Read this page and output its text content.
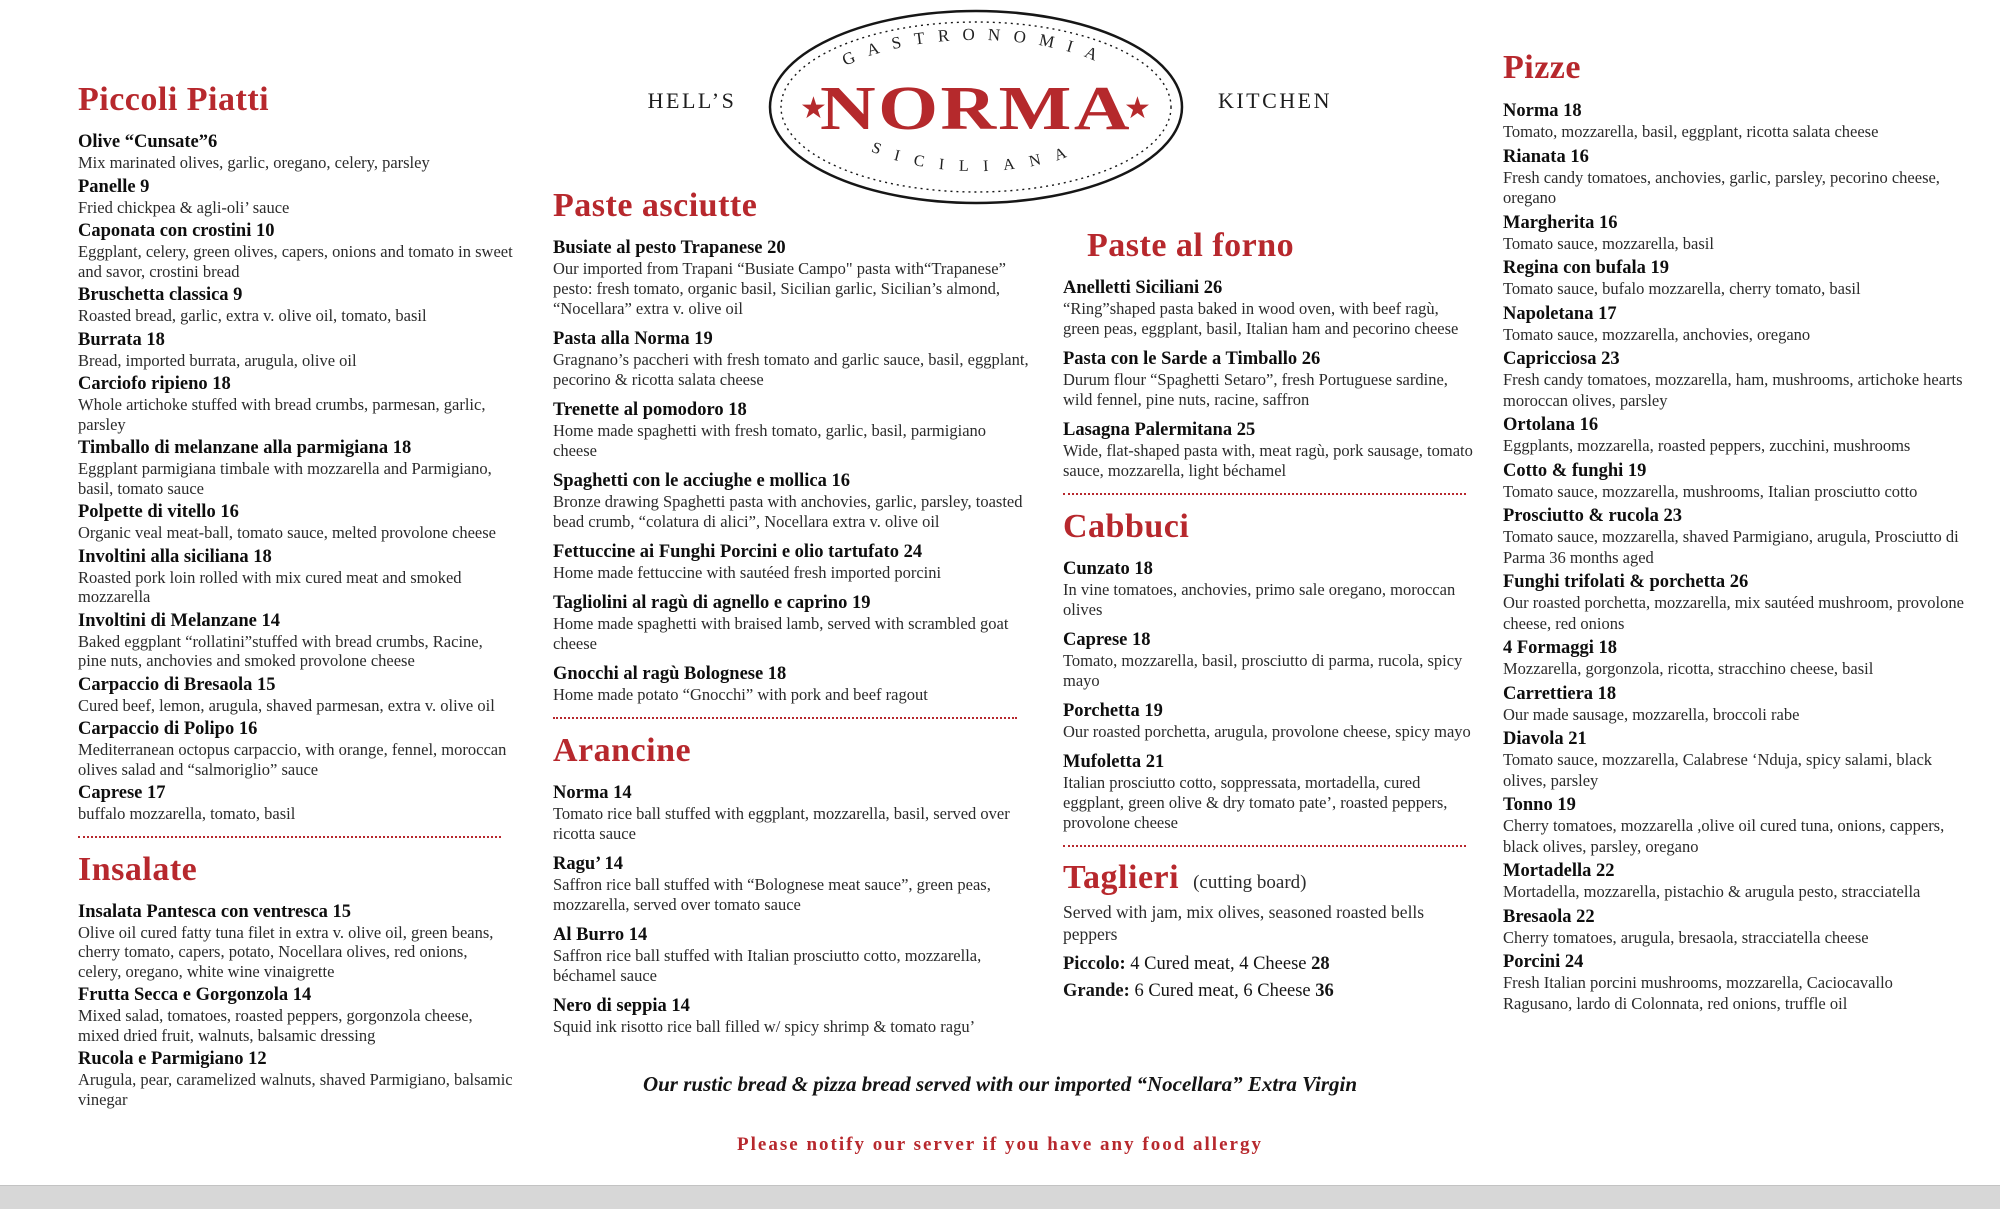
HELL’S
GASTRONOMIA
SICILIANA
NORMA
★	★	KITCHEN
Piccoli Piatti
Olive “Cunsate”6
Mix marinated olives, garlic, oregano, celery, parsley
Panelle 9
Fried chickpea & agli-oli’ sauce
Caponata con crostini 10
Eggplant, celery, green olives, capers, onions and tomato in sweet and savor, crostini bread
Bruschetta classica 9
Roasted bread, garlic, extra v. olive oil, tomato, basil
Burrata 18
Bread, imported burrata, arugula, olive oil
Carciofo ripieno 18
Whole artichoke stuffed with bread crumbs, parmesan, garlic, parsley
Timballo di melanzane alla parmigiana 18
Eggplant parmigiana timbale with mozzarella and Parmigiano, basil, tomato sauce
Polpette di vitello 16
Organic veal meat-ball, tomato sauce, melted provolone cheese
Involtini alla siciliana 18
Roasted pork loin rolled with mix cured meat and smoked mozzarella
Involtini di Melanzane 14
Baked eggplant “rollatini”stuffed with bread crumbs, Racine, pine nuts, anchovies and smoked provolone cheese
Carpaccio di Bresaola 15
Cured beef, lemon, arugula, shaved parmesan, extra v. olive oil
Carpaccio di Polipo 16
Mediterranean octopus carpaccio, with orange, fennel, moroccan olives salad and “salmoriglio” sauce
Caprese 17
buffalo mozzarella, tomato, basil
Insalate
Insalata Pantesca con ventresca 15
Olive oil cured fatty tuna filet in extra v. olive oil, green beans, cherry tomato, capers, potato, Nocellara olives, red onions, celery, oregano, white wine vinaigrette
Frutta Secca e Gorgonzola 14
Mixed salad, tomatoes, roasted peppers, gorgonzola cheese, mixed dried fruit, walnuts, balsamic dressing
Rucola e Parmigiano 12
Arugula, pear, caramelized walnuts, shaved Parmigiano, balsamic vinegar
Paste asciutte
Busiate al pesto Trapanese 20
Our imported from Trapani “Busiate Campo" pasta with“Trapanese” pesto: fresh tomato, organic basil, Sicilian garlic, Sicilian’s almond, “Nocellara” extra v. olive oil
Pasta alla Norma 19
Gragnano’s paccheri with fresh tomato and garlic sauce, basil, eggplant, pecorino & ricotta salata cheese
Trenette al pomodoro 18
Home made spaghetti with fresh tomato, garlic, basil, parmigiano cheese
Spaghetti con le acciughe e mollica 16
Bronze drawing Spaghetti pasta with anchovies, garlic, parsley, toasted bead crumb, “colatura di alici”, Nocellara extra v. olive oil
Fettuccine ai Funghi Porcini e olio tartufato 24
Home made fettuccine with sautéed fresh imported porcini
Tagliolini al ragù di agnello e caprino 19
Home made spaghetti with braised lamb, served with scrambled goat cheese
Gnocchi al ragù Bolognese 18
Home made potato “Gnocchi” with pork and beef ragout
Arancine
Norma 14
Tomato rice ball stuffed with eggplant, mozzarella, basil, served over ricotta sauce
Ragu’ 14
Saffron rice ball stuffed with “Bolognese meat sauce”, green peas, mozzarella, served over tomato sauce
Al Burro 14
Saffron rice ball stuffed with Italian prosciutto cotto, mozzarella, béchamel sauce
Nero di seppia 14
Squid ink risotto rice ball filled w/ spicy shrimp & tomato ragu’
Paste al forno
Anelletti Siciliani 26
“Ring”shaped pasta baked in wood oven, with beef ragù, green peas, eggplant, basil, Italian ham and pecorino cheese
Pasta con le Sarde a Timballo 26
Durum flour “Spaghetti Setaro”, fresh Portuguese sardine, wild fennel, pine nuts, racine, saffron
Lasagna Palermitana 25
Wide, flat-shaped pasta with, meat ragù, pork sausage, tomato sauce, mozzarella, light béchamel
Cabbuci
Cunzato 18
In vine tomatoes, anchovies, primo sale oregano, moroccan olives
Caprese 18
Tomato, mozzarella, basil, prosciutto di parma, rucola, spicy mayo
Porchetta 19
Our roasted porchetta, arugula, provolone cheese, spicy mayo
Mufoletta 21
Italian prosciutto cotto, soppressata, mortadella, cured eggplant, green olive & dry tomato pate’, roasted peppers, provolone cheese
Taglieri (cutting board)
Served with jam, mix olives, seasoned roasted bells peppers
Piccolo: 4 Cured meat, 4 Cheese 28
Grande: 6 Cured meat, 6 Cheese 36
Pizze
Norma 18
Tomato, mozzarella, basil, eggplant, ricotta salata cheese
Rianata 16
Fresh candy tomatoes, anchovies, garlic, parsley, pecorino cheese, oregano
Margherita 16
Tomato sauce, mozzarella, basil
Regina con bufala 19
Tomato sauce, bufalo mozzarella, cherry tomato, basil
Napoletana 17
Tomato sauce, mozzarella, anchovies, oregano
Capricciosa 23
Fresh candy tomatoes, mozzarella, ham, mushrooms, artichoke hearts moroccan olives, parsley
Ortolana 16
Eggplants, mozzarella, roasted peppers, zucchini, mushrooms
Cotto & funghi 19
Tomato sauce, mozzarella, mushrooms, Italian prosciutto cotto
Prosciutto & rucola 23
Tomato sauce, mozzarella, shaved Parmigiano, arugula, Prosciutto di Parma 36 months aged
Funghi trifolati & porchetta 26
Our roasted porchetta, mozzarella, mix sautéed mushroom, provolone cheese, red onions
4 Formaggi 18
Mozzarella, gorgonzola, ricotta, stracchino cheese, basil
Carrettiera 18
Our made sausage, mozzarella, broccoli rabe
Diavola 21
Tomato sauce, mozzarella, Calabrese ‘Nduja, spicy salami, black olives, parsley
Tonno 19
Cherry tomatoes, mozzarella ,olive oil cured tuna, onions, cappers, black olives, parsley, oregano
Mortadella 22
Mortadella, mozzarella, pistachio & arugula pesto, stracciatella
Bresaola 22
Cherry tomatoes, arugula, bresaola, stracciatella cheese
Porcini 24
Fresh Italian porcini mushrooms, mozzarella, Caciocavallo Ragusano, lardo di Colonnata, red onions, truffle oil
Our rustic bread & pizza bread served with our imported “Nocellara” Extra Virgin
Please notify our server if you have any food allergy
